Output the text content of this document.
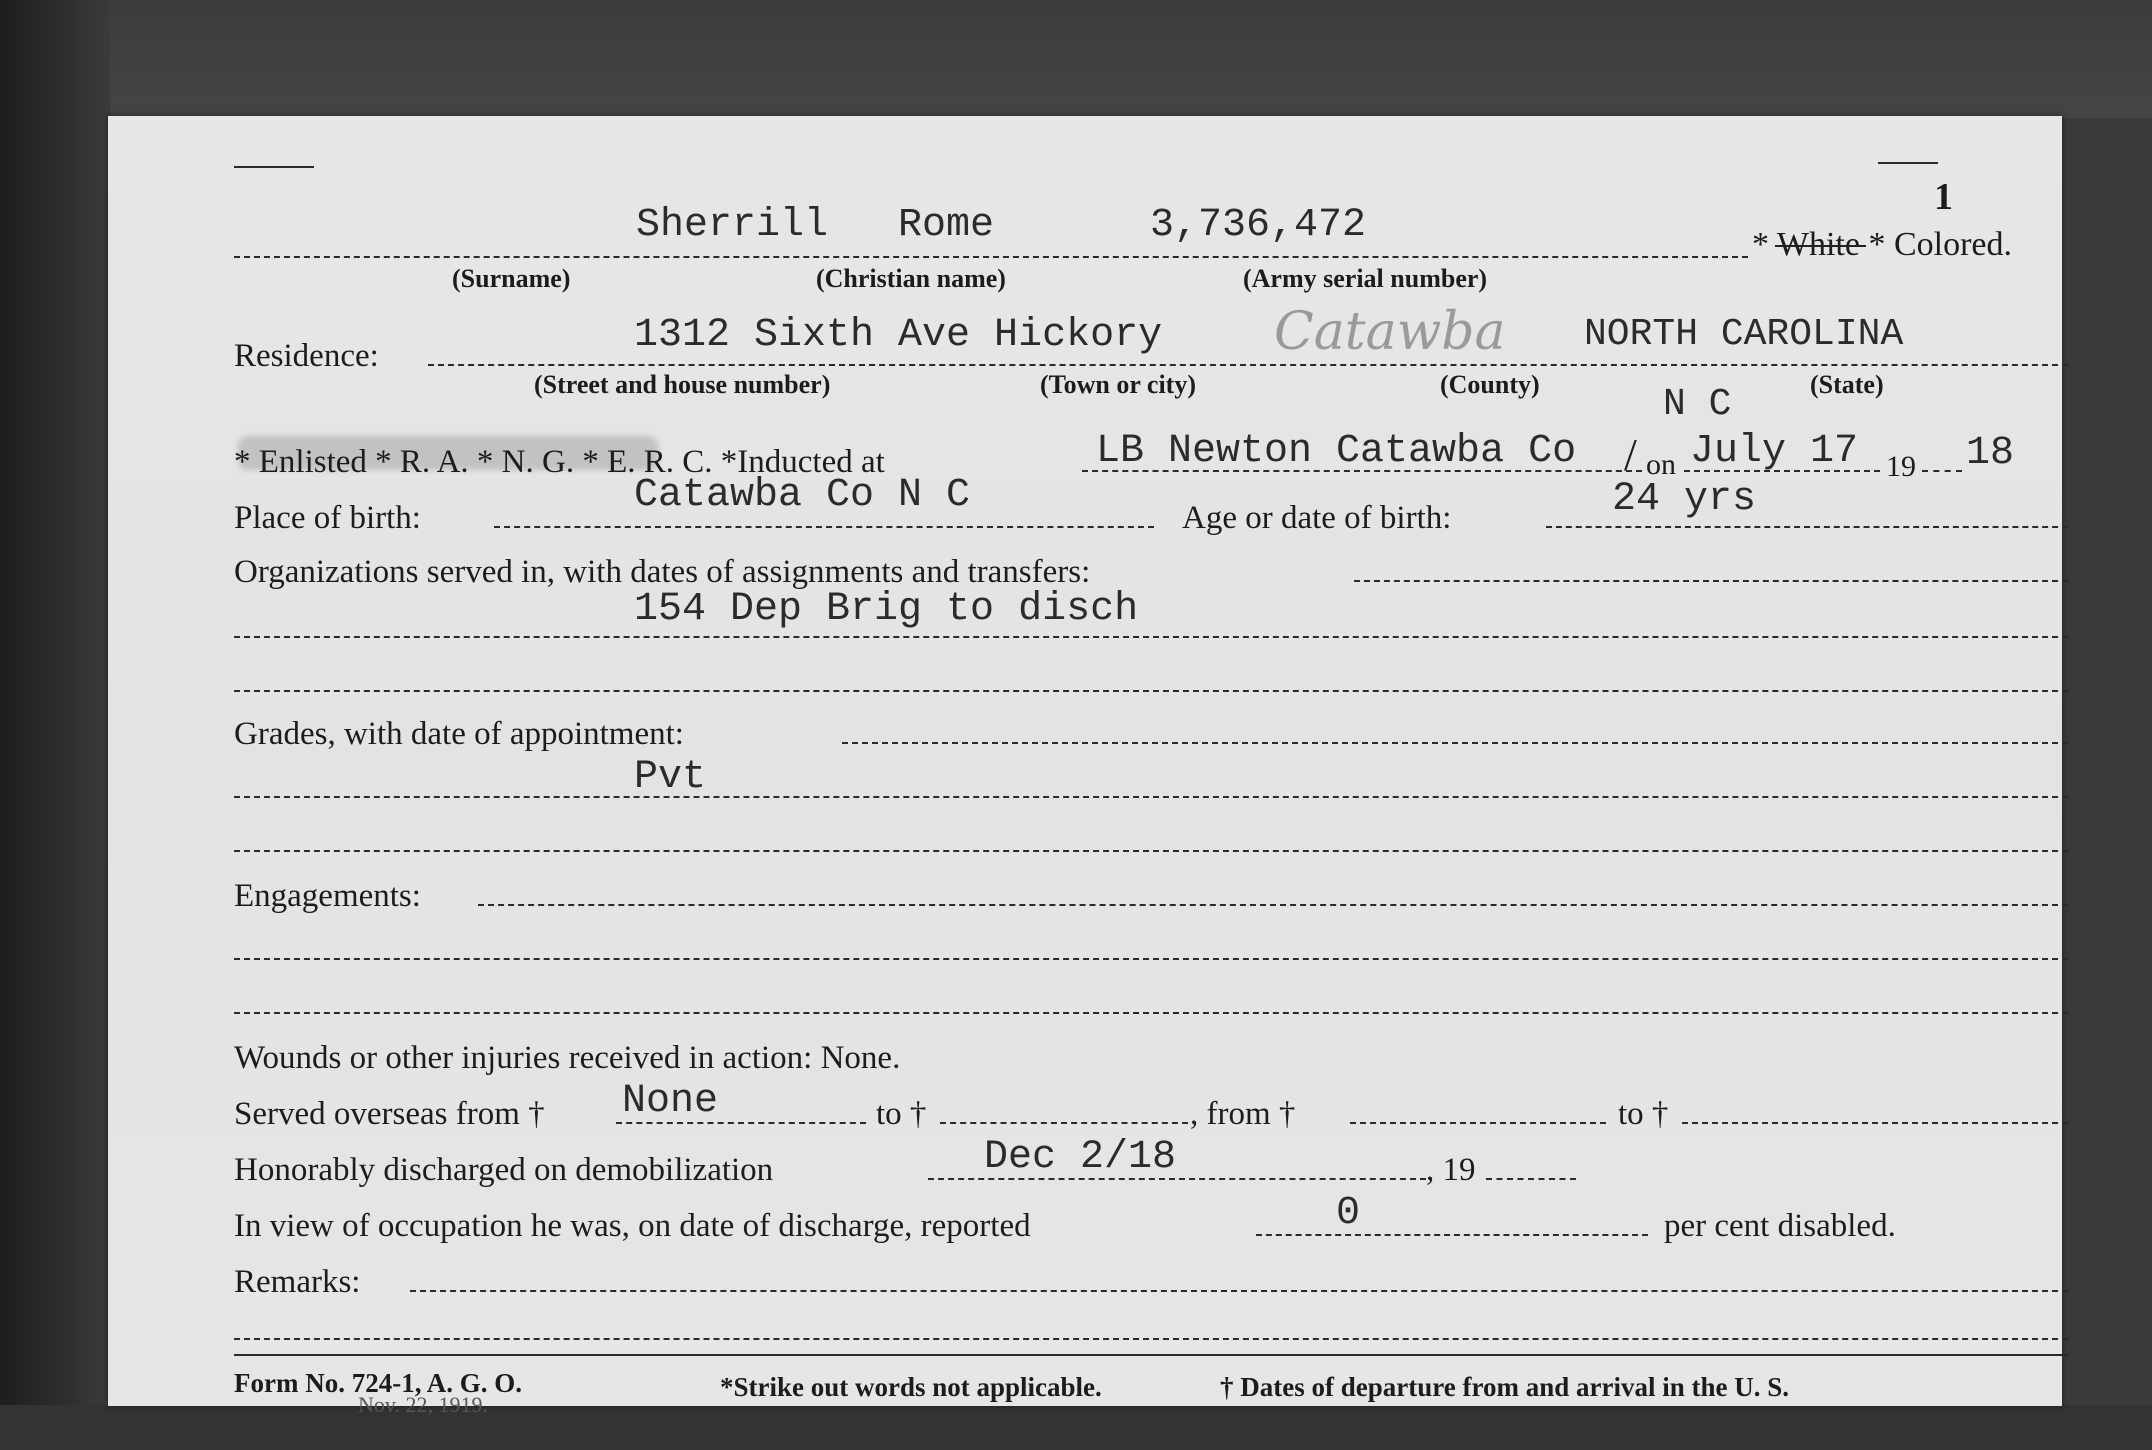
1
Sherrill Rome	3,736,472	* White * Colored.
(Surname)	(Christian name)	(Army serial number)
Residence:	1312 Sixth Ave Hickory Catawba NORTH CAROLINA
(Street and house number)	(Town or city)	(County)	(State)
* Enlisted * R. A. * N. G. * E. R. C. *Inducted at
N C
LB Newton Catawba Co on
/ July 17 19 18
Place of birth:	Catawba Co N C	Age or date of birth:	24 yrs
Organizations served in, with dates of assignments and transfers:
154 Dep Brig to disch
Grades, with date of appointment:
Pvt
Engagements:
Wounds or other injuries received in action: None.
Served overseas from † None	to †	, from †	to †
Honorably discharged on demobilization	Dec 2/18	, 19
In view of occupation he was, on date of discharge, reported	0	per cent disabled.
Remarks:
Form No. 724-1, A. G. O.
Nov. 22, 1919.
*Strike out words not applicable.	† Dates of departure from and arrival in the U. S.
